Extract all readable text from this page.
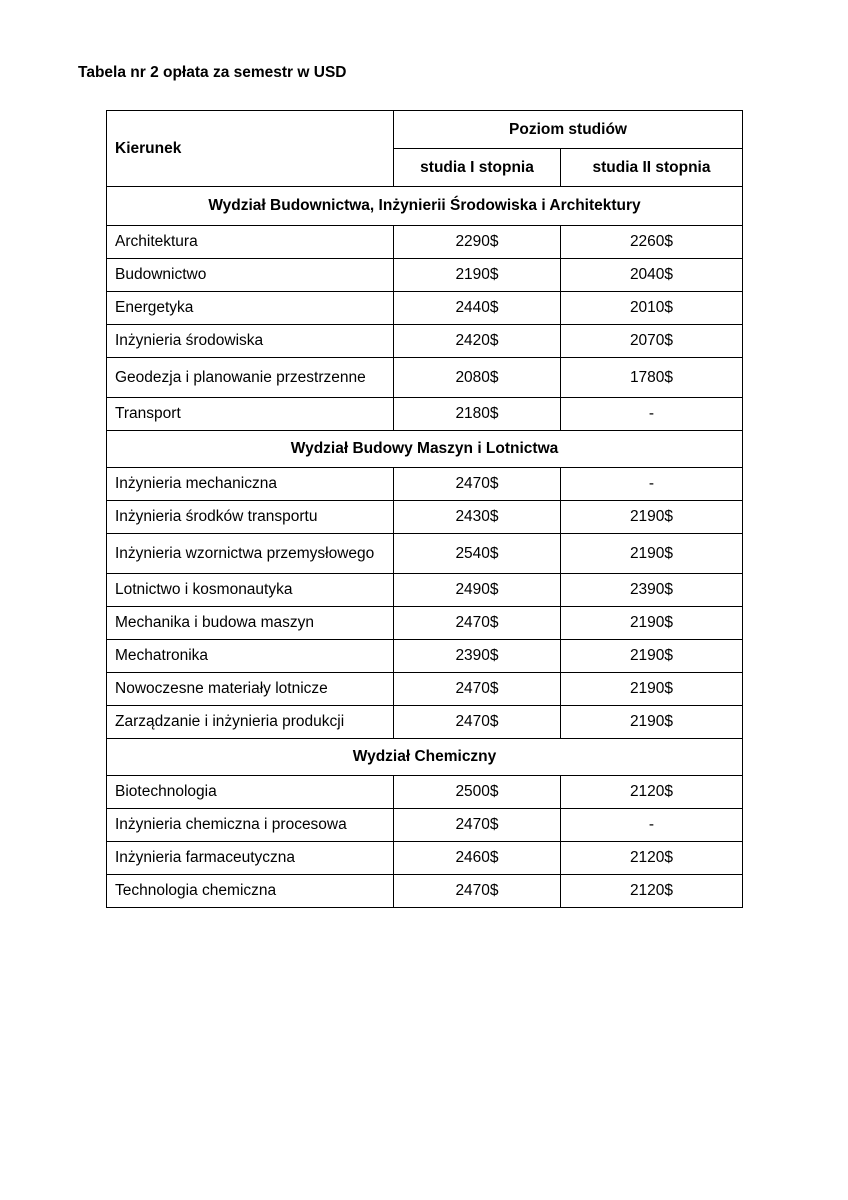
Tabela nr 2 opłata za semestr w USD
Kierunek	Poziom studiów	
	studia I stopnia	studia II stopnia
Wydział Budownictwa, Inżynierii Środowiska i Architektury		
Architektura	2290$	2260$
Budownictwo	2190$	2040$
Energetyka	2440$	2010$
Inżynieria środowiska	2420$	2070$
Geodezja i planowanie przestrzenne	2080$	1780$
Transport	2180$	-
Wydział Budowy Maszyn i Lotnictwa		
Inżynieria mechaniczna	2470$	-
Inżynieria środków transportu	2430$	2190$
Inżynieria wzornictwa przemysłowego	2540$	2190$
Lotnictwo i kosmonautyka	2490$	2390$
Mechanika i budowa maszyn	2470$	2190$
Mechatronika	2390$	2190$
Nowoczesne materiały lotnicze	2470$	2190$
Zarządzanie i inżynieria produkcji	2470$	2190$
Wydział Chemiczny		
Biotechnologia	2500$	2120$
Inżynieria chemiczna i procesowa	2470$	-
Inżynieria farmaceutyczna	2460$	2120$
Technologia chemiczna	2470$	2120$
